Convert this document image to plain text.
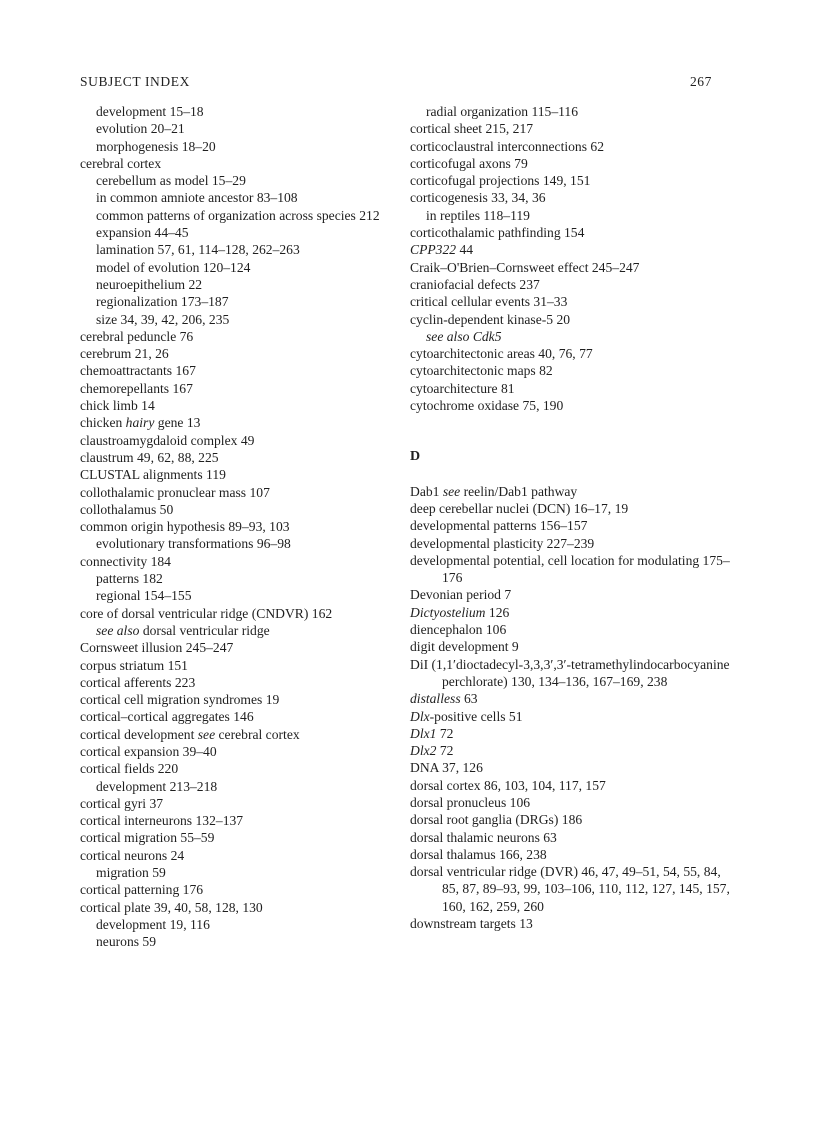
SUBJECT INDEX	267
development 15–18
evolution 20–21
morphogenesis 18–20
cerebral cortex
cerebellum as model 15–29
in common amniote ancestor 83–108
common patterns of organization across species 212
expansion 44–45
lamination 57, 61, 114–128, 262–263
model of evolution 120–124
neuroepithelium 22
regionalization 173–187
size 34, 39, 42, 206, 235
cerebral peduncle 76
cerebrum 21, 26
chemoattractants 167
chemorepellants 167
chick limb 14
chicken hairy gene 13
claustroamygdaloid complex 49
claustrum 49, 62, 88, 225
CLUSTAL alignments 119
collothalamic pronuclear mass 107
collothalamus 50
common origin hypothesis 89–93, 103
evolutionary transformations 96–98
connectivity 184
patterns 182
regional 154–155
core of dorsal ventricular ridge (CNDVR) 162
see also dorsal ventricular ridge
Cornsweet illusion 245–247
corpus striatum 151
cortical afferents 223
cortical cell migration syndromes 19
cortical–cortical aggregates 146
cortical development see cerebral cortex
cortical expansion 39–40
cortical fields 220
development 213–218
cortical gyri 37
cortical interneurons 132–137
cortical migration 55–59
cortical neurons 24
migration 59
cortical patterning 176
cortical plate 39, 40, 58, 128, 130
development 19, 116
neurons 59
radial organization 115–116
cortical sheet 215, 217
corticoclaustral interconnections 62
corticofugal axons 79
corticofugal projections 149, 151
corticogenesis 33, 34, 36
in reptiles 118–119
corticothalamic pathfinding 154
CPP322 44
Craik–O'Brien–Cornsweet effect 245–247
craniofacial defects 237
critical cellular events 31–33
cyclin-dependent kinase-5 20
see also Cdk5
cytoarchitectonic areas 40, 76, 77
cytoarchitectonic maps 82
cytoarchitecture 81
cytochrome oxidase 75, 190
D
Dab1 see reelin/Dab1 pathway
deep cerebellar nuclei (DCN) 16–17, 19
developmental patterns 156–157
developmental plasticity 227–239
developmental potential, cell location for modulating 175–176
Devonian period 7
Dictyostelium 126
diencephalon 106
digit development 9
DiI (1,1′dioctadecyl-3,3,3′,3′-tetramethylindocarbocyanine perchlorate) 130, 134–136, 167–169, 238
distalless 63
Dlx-positive cells 51
Dlx1 72
Dlx2 72
DNA 37, 126
dorsal cortex 86, 103, 104, 117, 157
dorsal pronucleus 106
dorsal root ganglia (DRGs) 186
dorsal thalamic neurons 63
dorsal thalamus 166, 238
dorsal ventricular ridge (DVR) 46, 47, 49–51, 54, 55, 84, 85, 87, 89–93, 99, 103–106, 110, 112, 127, 145, 157, 160, 162, 259, 260
downstream targets 13
